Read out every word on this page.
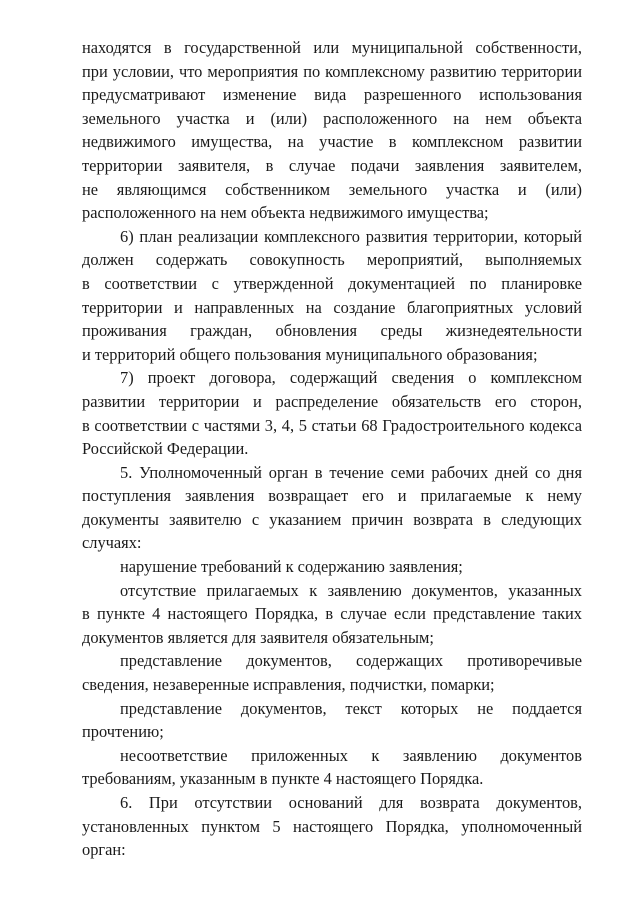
находятся в государственной или муниципальной собственности,
при условии, что мероприятия по комплексному развитию территории
предусматривают изменение вида разрешенного использования
земельного участка и (или) расположенного на нем объекта
недвижимого имущества, на участие в комплексном развитии
территории заявителя, в случае подачи заявления заявителем,
не являющимся собственником земельного участка и (или)
расположенного на нем объекта недвижимого имущества;
6) план реализации комплексного развития территории, который
должен содержать совокупность мероприятий, выполняемых
в соответствии с утвержденной документацией по планировке
территории и направленных на создание благоприятных условий
проживания граждан, обновления среды жизнедеятельности
и территорий общего пользования муниципального образования;
7) проект договора, содержащий сведения о комплексном
развитии территории и распределение обязательств его сторон,
в соответствии с частями 3, 4, 5 статьи 68 Градостроительного кодекса
Российской Федерации.
5. Уполномоченный орган в течение семи рабочих дней со дня
поступления заявления возвращает его и прилагаемые к нему
документы заявителю с указанием причин возврата в следующих
случаях:
нарушение требований к содержанию заявления;
отсутствие прилагаемых к заявлению документов, указанных
в пункте 4 настоящего Порядка, в случае если представление таких
документов является для заявителя обязательным;
представление документов, содержащих противоречивые
сведения, незаверенные исправления, подчистки, помарки;
представление документов, текст которых не поддается
прочтению;
несоответствие приложенных к заявлению документов
требованиям, указанным в пункте 4 настоящего Порядка.
6. При отсутствии оснований для возврата документов,
установленных пунктом 5 настоящего Порядка, уполномоченный орган:
